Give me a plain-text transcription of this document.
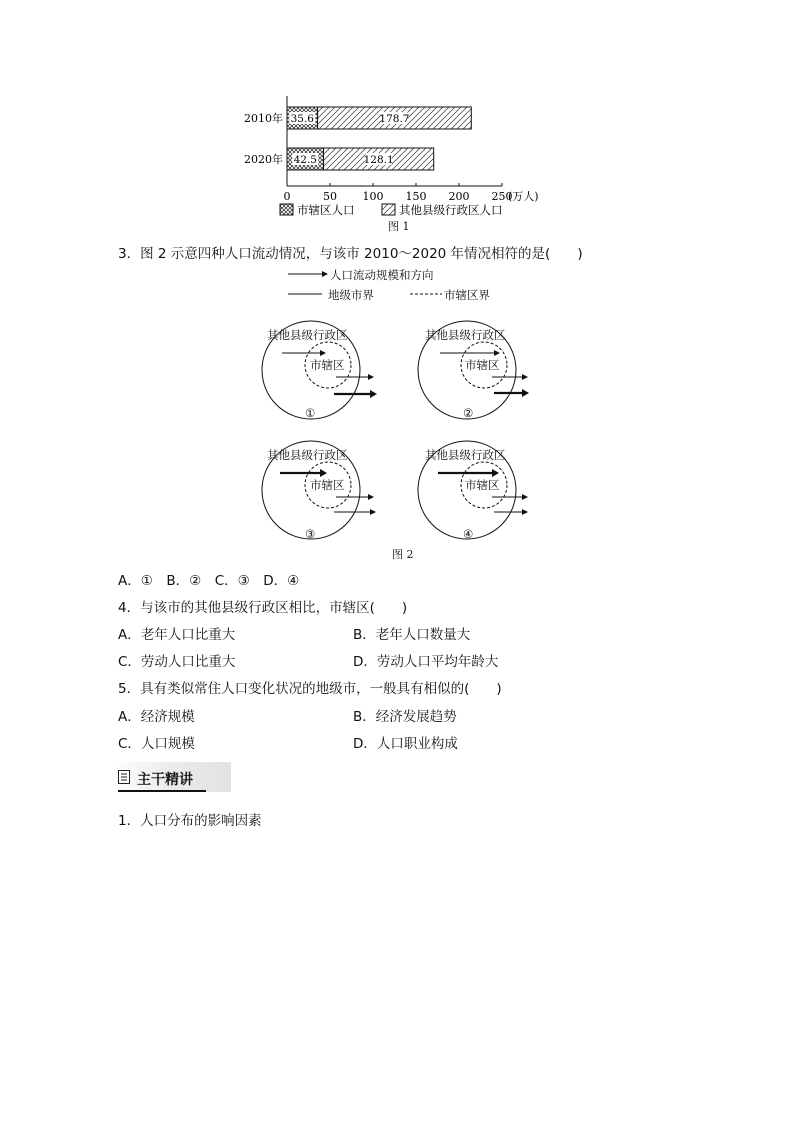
0	50 100 150 200 250
(万人)
2010年 35.6	178.7
2020年 42.5	128.1
市辖区人口	其他县级行政区人口
图 1
3．图 2 示意四种人口流动情况，与该市 2010～2020 年情况相符的是(　　)
人口流动规模和方向
地级市界	市辖区界
其他县级行政区
市辖区
①
其他县级行政区
市辖区
②
其他县级行政区
市辖区
③
其他县级行政区
市辖区
④
图 2
A．①　B．②　C．③　D．④
4．与该市的其他县级行政区相比，市辖区(　　)
A．老年人口比重大	B．老年人口数量大
C．劳动人口比重大	D．劳动人口平均年龄大
5．具有类似常住人口变化状况的地级市，一般具有相似的(　　)
A．经济规模	B．经济发展趋势
C．人口规模	D．人口职业构成
主干精讲
1．人口分布的影响因素
